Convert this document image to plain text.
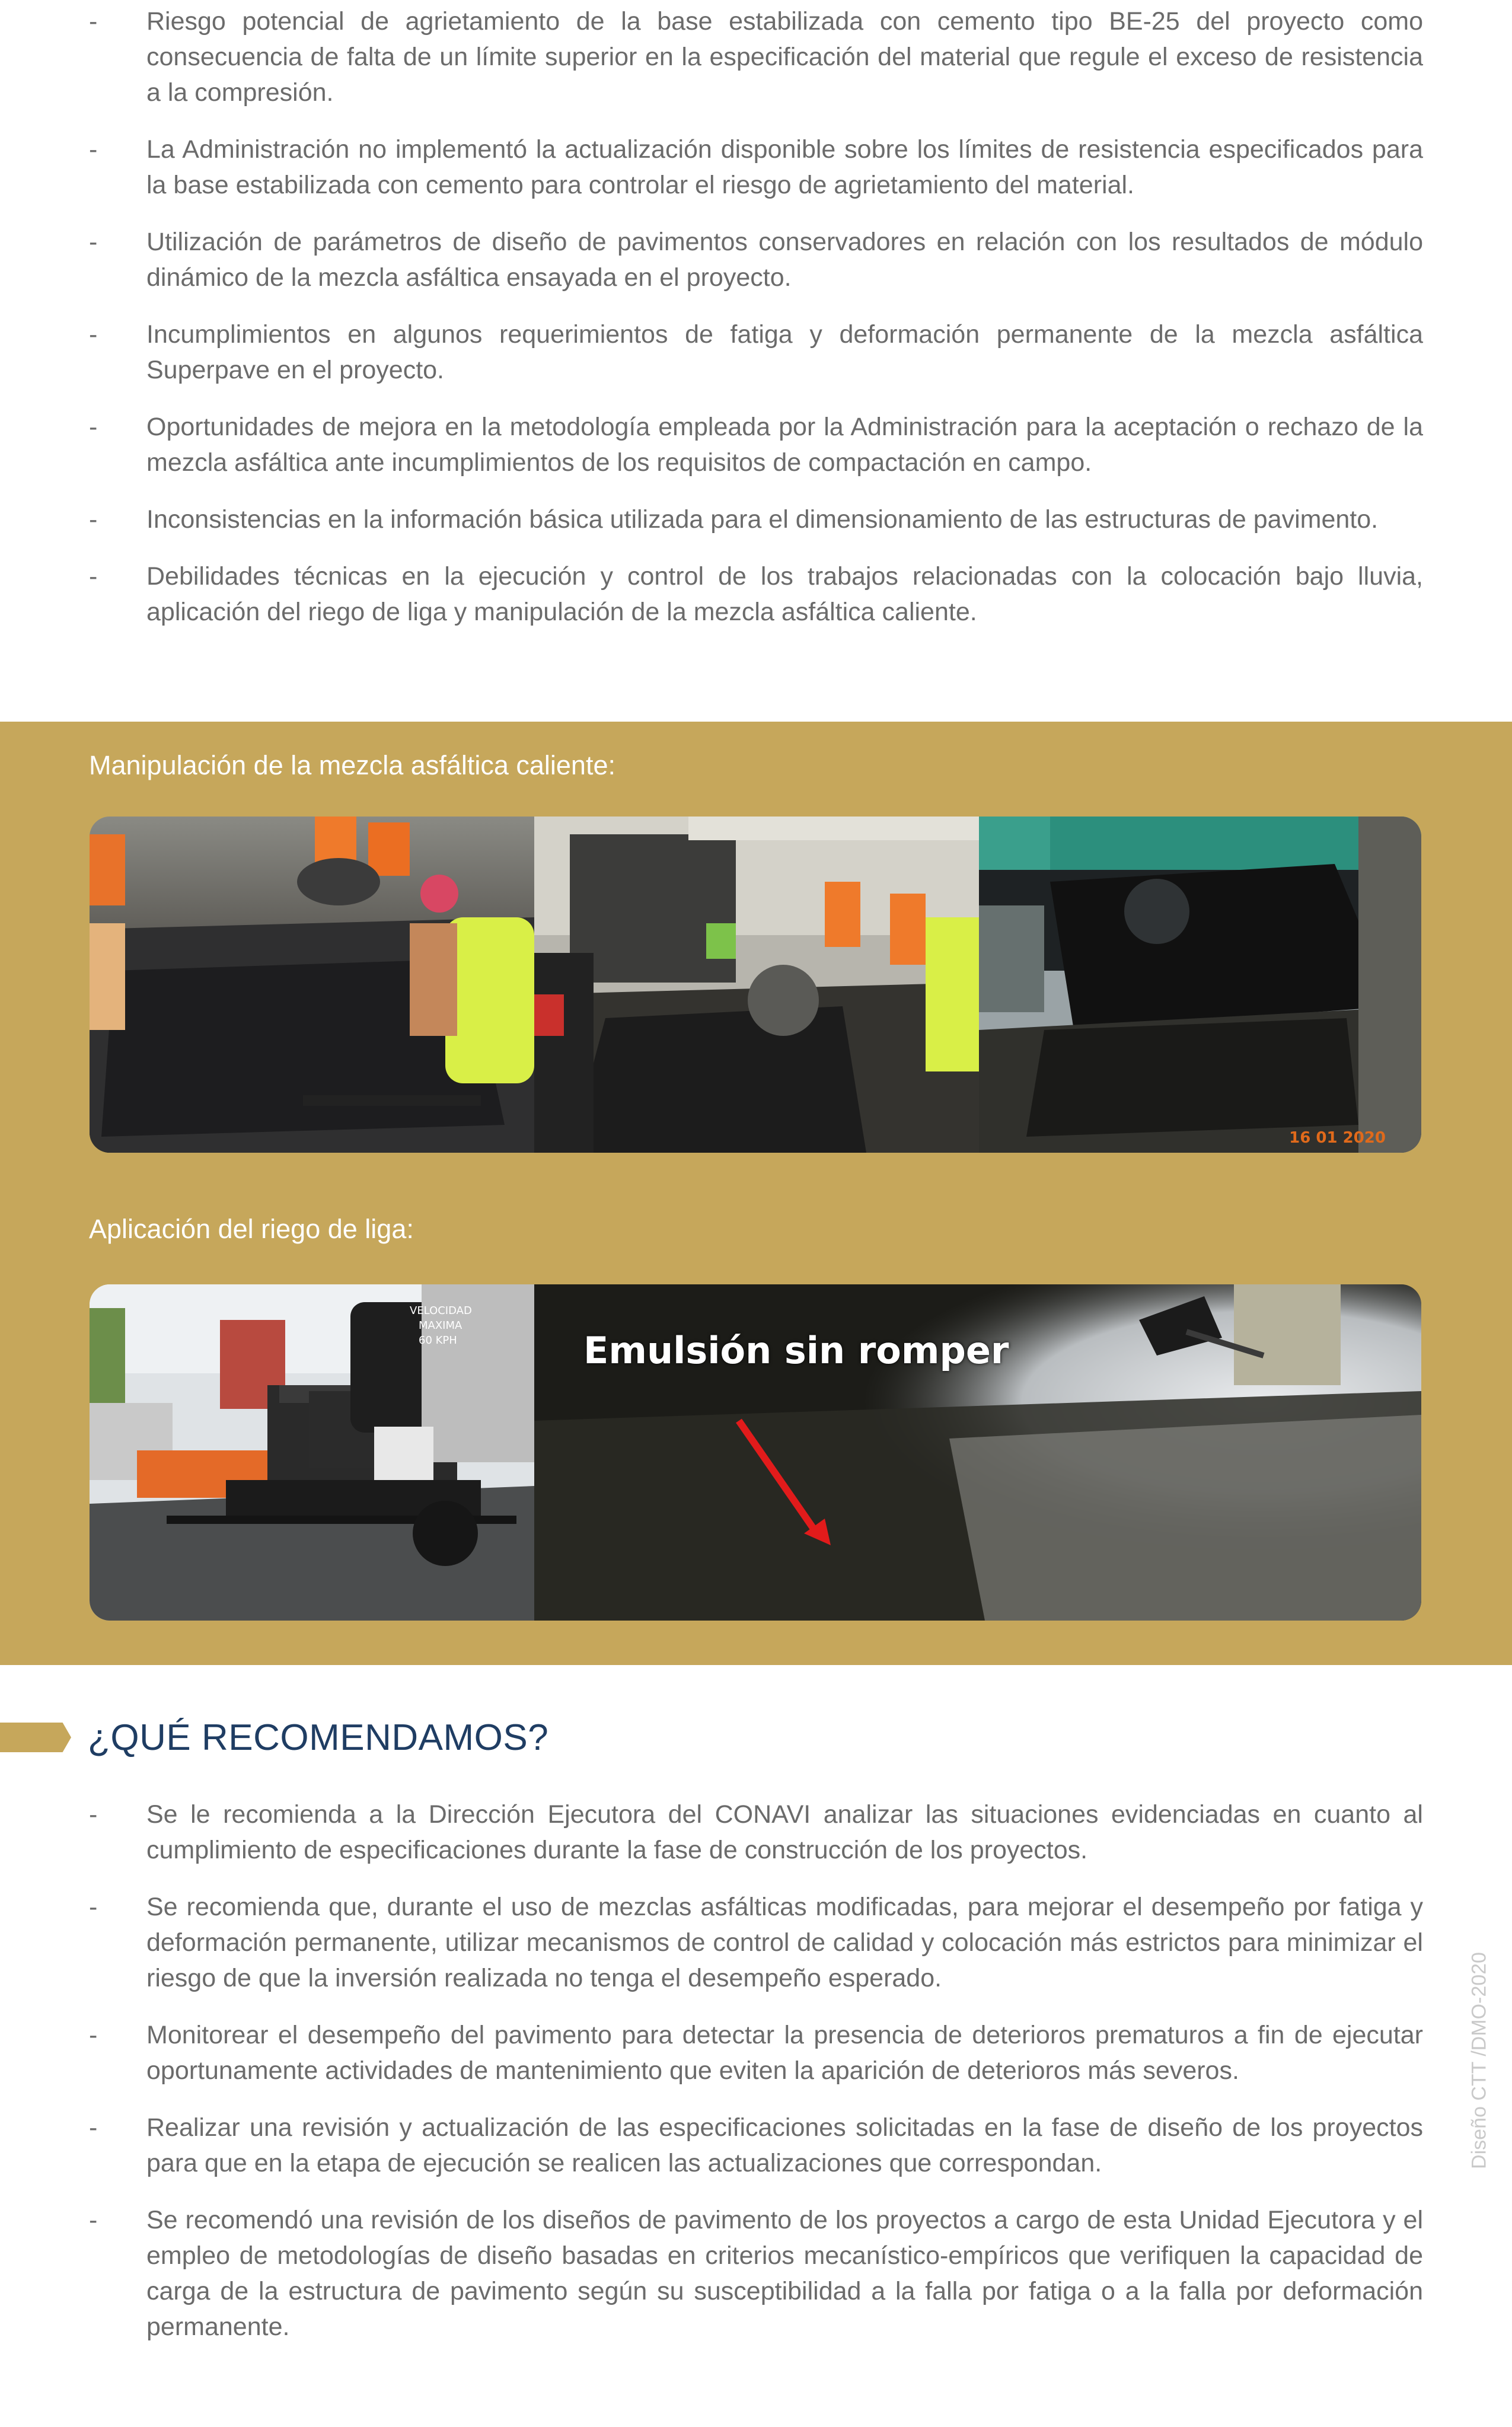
- Riesgo potencial de agrietamiento de la base estabilizada con cemento tipo BE-25 del proyecto como consecuencia de falta de un límite superior en la especificación del material que regule el exceso de resistencia a la compresión.
- La Administración no implementó la actualización disponible sobre los límites de resistencia especificados para la base estabilizada con cemento para controlar el riesgo de agrietamiento del material.
- Utilización de parámetros de diseño de pavimentos conservadores en relación con los resultados de módulo dinámico de la mezcla asfáltica ensayada en el proyecto.
- Incumplimientos en algunos requerimientos de fatiga y deformación permanente de la mezcla asfáltica Superpave en el proyecto.
- Oportunidades de mejora en la metodología empleada por la Administración para la aceptación o rechazo de la mezcla asfáltica ante incumplimientos de los requisitos de compactación en campo.
- Inconsistencias en la información básica utilizada para el dimensionamiento de las estructuras de pavimento.
- Debilidades técnicas en la ejecución y control de los trabajos relacionadas con la colocación bajo lluvia, aplicación del riego de liga y manipulación de la mezcla asfáltica caliente.
Manipulación de la mezcla asfáltica caliente:
16 01 2020
Aplicación del riego de liga:
VELOCIDAD
MAXIMA
60 KPH	Emulsión sin romper
¿QUÉ RECOMENDAMOS?
- Se le recomienda a la Dirección Ejecutora del CONAVI analizar las situaciones evidenciadas en cuanto al cumplimiento de especificaciones durante la fase de construcción de los proyectos.
- Se recomienda que, durante el uso de mezclas asfálticas modificadas, para mejorar el desempeño por fatiga y deformación permanente, utilizar mecanismos de control de calidad y colocación más estrictos para minimizar el riesgo de que la inversión realizada no tenga el desempeño esperado.
- Monitorear el desempeño del pavimento para detectar la presencia de deterioros prematuros a fin de ejecutar oportunamente actividades de mantenimiento que eviten la aparición de deterioros más severos.
- Realizar una revisión y actualización de las especificaciones solicitadas en la fase de diseño de los proyectos para que en la etapa de ejecución se realicen las actualizaciones que correspondan.
- Se recomendó una revisión de los diseños de pavimento de los proyectos a cargo de esta Unidad Ejecutora y el empleo de metodologías de diseño basadas en criterios mecanístico-empíricos que verifiquen la capacidad de carga de la estructura de pavimento según su susceptibilidad a la falla por fatiga o a la falla por deformación permanente.
Diseño CTT /DMO-2020
